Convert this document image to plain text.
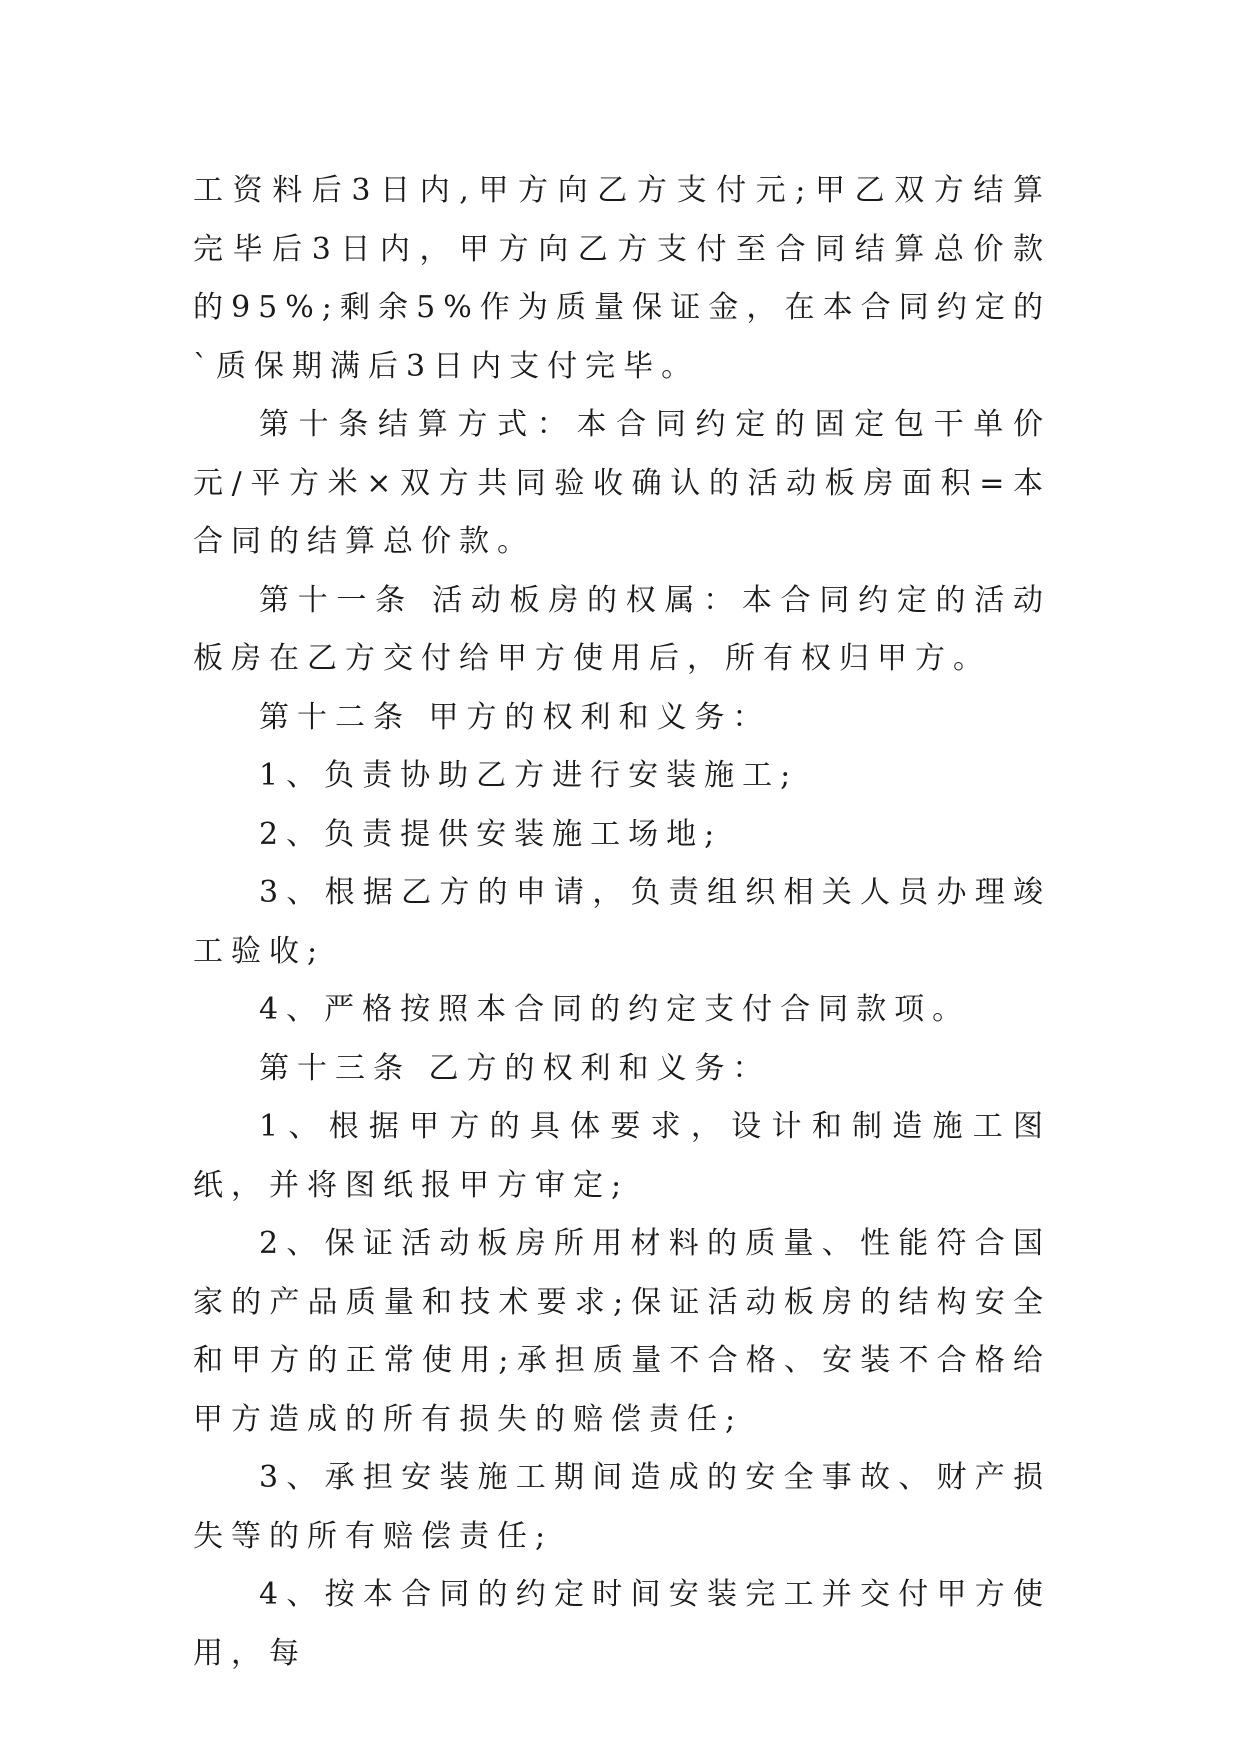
工资料后3日内,甲方向乙方支付元;甲乙双方结算完毕后3日内，甲方向乙方支付至合同结算总价款的95%;剩余5%作为质量保证金，在本合同约定的`质保期满后3日内支付完毕。

第十条结算方式：本合同约定的固定包干单价元/平方米×双方共同验收确认的活动板房面积=本合同的结算总价款。

第十一条 活动板房的权属：本合同约定的活动板房在乙方交付给甲方使用后，所有权归甲方。

第十二条 甲方的权利和义务：

1、负责协助乙方进行安装施工;

2、负责提供安装施工场地;

3、根据乙方的申请，负责组织相关人员办理竣工验收;

4、严格按照本合同的约定支付合同款项。

第十三条 乙方的权利和义务：

1、根据甲方的具体要求，设计和制造施工图纸，并将图纸报甲方审定;

2、保证活动板房所用材料的质量、性能符合国家的产品质量和技术要求;保证活动板房的结构安全和甲方的正常使用;承担质量不合格、安装不合格给甲方造成的所有损失的赔偿责任;

3、承担安装施工期间造成的安全事故、财产损失等的所有赔偿责任;

4、按本合同的约定时间安装完工并交付甲方使用，每
